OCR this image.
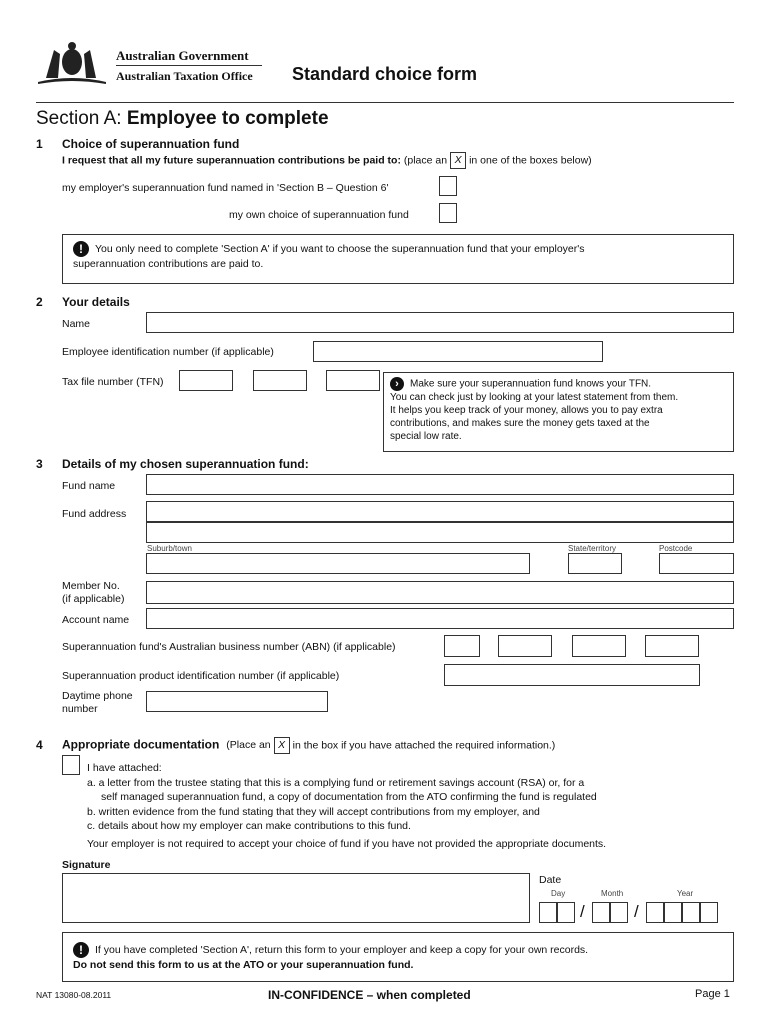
Australian Government
Australian Taxation Office Standard choice form
Section A: Employee to complete
1 Choice of superannuation fund
I request that all my future superannuation contributions be paid to: (place an X in one of the boxes below)
my employer's superannuation fund named in 'Section B – Question 6'
my own choice of superannuation fund
! You only need to complete 'Section A' if you want to choose the superannuation fund that your employer's
superannuation contributions are paid to.
2 Your details
Name
Employee identification number (if applicable)
Tax file number (TFN)	› Make sure your superannuation fund knows your TFN.
You can check just by looking at your latest statement from them.
It helps you keep track of your money, allows you to pay extra
contributions, and makes sure the money gets taxed at the
special low rate.
3 Details of my chosen superannuation fund:
Fund name
Fund address
Suburb/town	State/territory	Postcode
Member No.
(if applicable)
Account name
Superannuation fund's Australian business number (ABN) (if applicable)
Superannuation product identification number (if applicable)
Daytime phone
number
4 Appropriate documentation (Place an X in the box if you have attached the required information.)
I have attached:
a. a letter from the trustee stating that this is a complying fund or retirement savings account (RSA) or, for a
self managed superannuation fund, a copy of documentation from the ATO confirming the fund is regulated
b. written evidence from the fund stating that they will accept contributions from my employer, and
c. details about how my employer can make contributions to this fund.
Your employer is not required to accept your choice of fund if you have not provided the appropriate documents.
Signature
Date
Day	Month	Year
/	/
! If you have completed 'Section A', return this form to your employer and keep a copy for your own records.
Do not send this form to us at the ATO or your superannuation fund.
NAT 13080-08.2011	IN-CONFIDENCE – when completed	Page 1
